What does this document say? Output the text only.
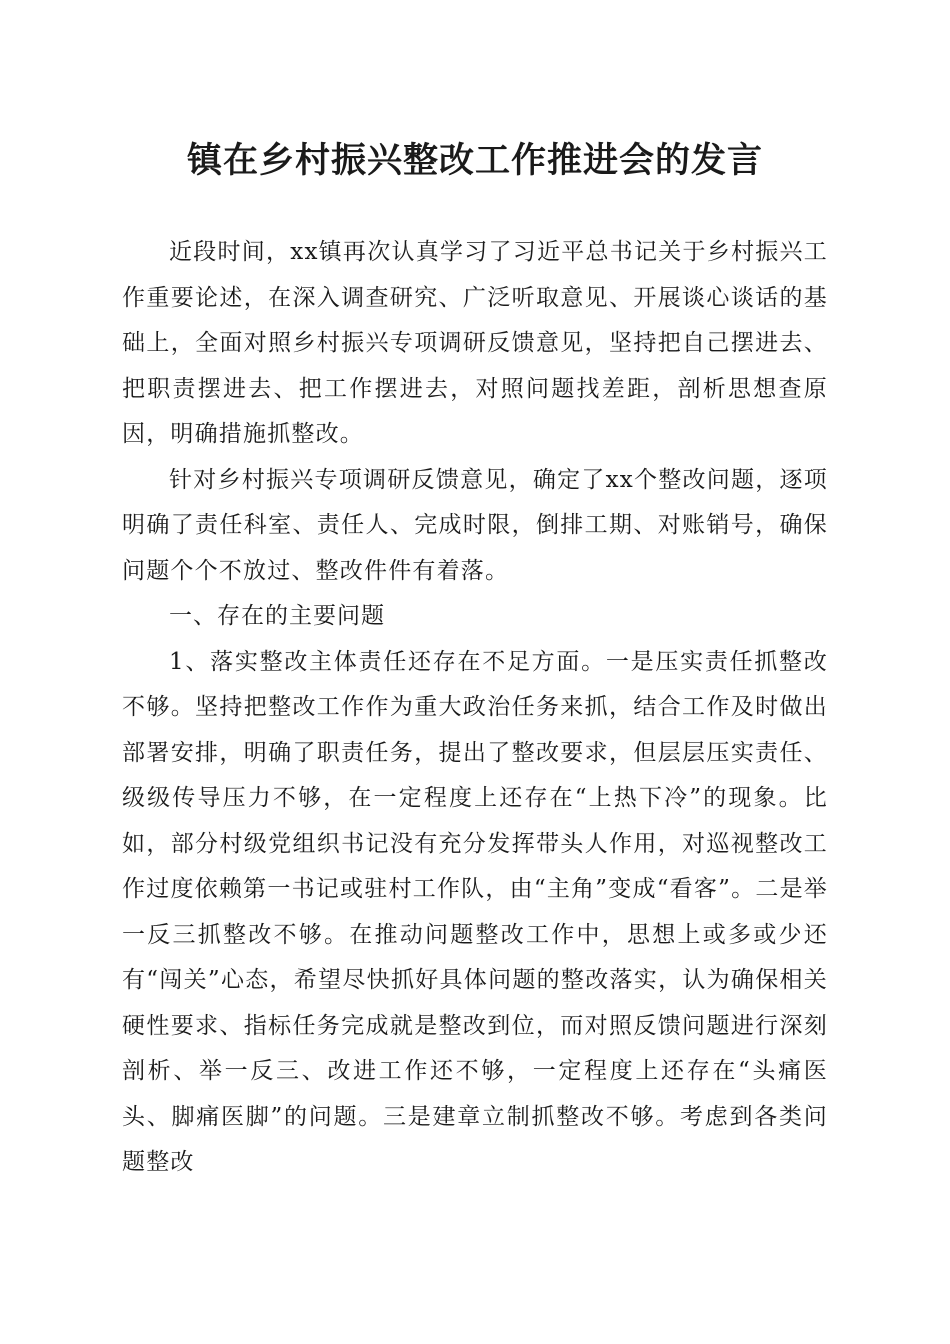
镇在乡村振兴整改工作推进会的发言

近段时间，xx镇再次认真学习了习近平总书记关于乡村振兴工作重要论述，在深入调查研究、广泛听取意见、开展谈心谈话的基础上，全面对照乡村振兴专项调研反馈意见，坚持把自己摆进去、把职责摆进去、把工作摆进去，对照问题找差距，剖析思想查原因，明确措施抓整改。

针对乡村振兴专项调研反馈意见，确定了xx个整改问题，逐项明确了责任科室、责任人、完成时限，倒排工期、对账销号，确保问题个个不放过、整改件件有着落。

一、存在的主要问题

1、落实整改主体责任还存在不足方面。一是压实责任抓整改不够。坚持把整改工作作为重大政治任务来抓，结合工作及时做出部署安排，明确了职责任务，提出了整改要求，但层层压实责任、级级传导压力不够，在一定程度上还存在“上热下冷”的现象。比如，部分村级党组织书记没有充分发挥带头人作用，对巡视整改工作过度依赖第一书记或驻村工作队，由“主角”变成“看客”。二是举一反三抓整改不够。在推动问题整改工作中，思想上或多或少还有“闯关”心态，希望尽快抓好具体问题的整改落实，认为确保相关硬性要求、指标任务完成就是整改到位，而对照反馈问题进行深刻剖析、举一反三、改进工作还不够，一定程度上还存在“头痛医头、脚痛医脚”的问题。三是建章立制抓整改不够。考虑到各类问题整改
